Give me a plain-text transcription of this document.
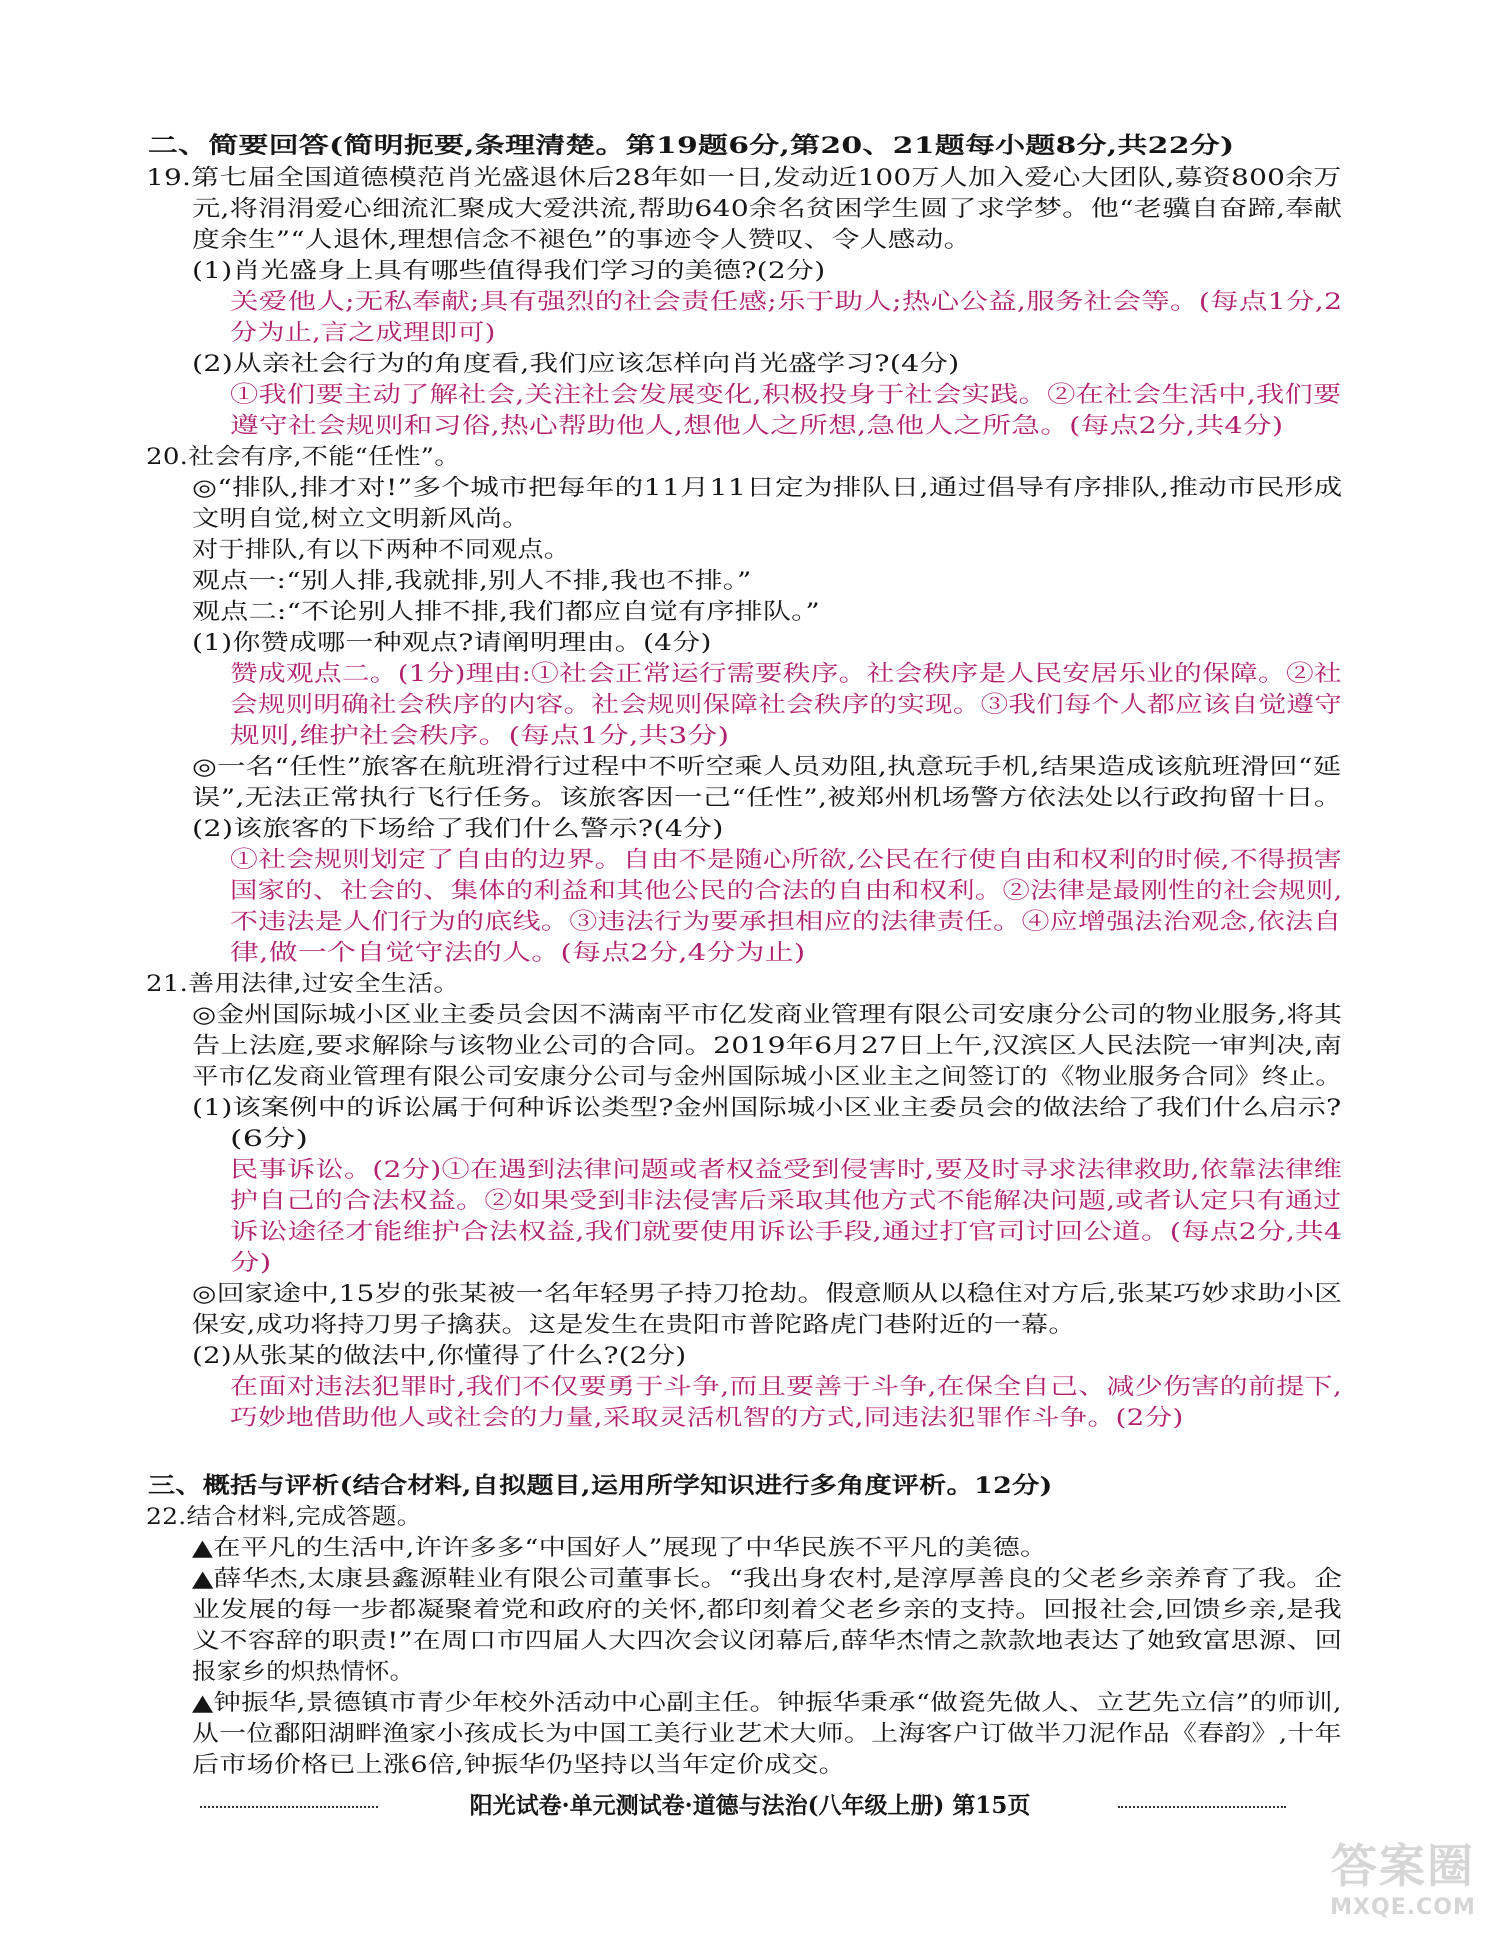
二、简要回答(简明扼要,条理清楚。第19题6分,第20、21题每小题8分,共22分)
19.第七届全国道德模范肖光盛退休后28年如一日,发动近100万人加入爱心大团队,募资800余万
元,将涓涓爱心细流汇聚成大爱洪流,帮助640余名贫困学生圆了求学梦。他“老骥自奋蹄,奉献
度余生”“人退休,理想信念不褪色”的事迹令人赞叹、令人感动。
(1)肖光盛身上具有哪些值得我们学习的美德?(2分)
关爱他人;无私奉献;具有强烈的社会责任感;乐于助人;热心公益,服务社会等。(每点1分,2
分为止,言之成理即可)
(2)从亲社会行为的角度看,我们应该怎样向肖光盛学习?(4分)
①我们要主动了解社会,关注社会发展变化,积极投身于社会实践。②在社会生活中,我们要
遵守社会规则和习俗,热心帮助他人,想他人之所想,急他人之所急。(每点2分,共4分)
20.社会有序,不能“任性”。
◎“排队,排才对!”多个城市把每年的11月11日定为排队日,通过倡导有序排队,推动市民形成
文明自觉,树立文明新风尚。
对于排队,有以下两种不同观点。
观点一:“别人排,我就排,别人不排,我也不排。”
观点二:“不论别人排不排,我们都应自觉有序排队。”
(1)你赞成哪一种观点?请阐明理由。(4分)
赞成观点二。(1分)理由:①社会正常运行需要秩序。社会秩序是人民安居乐业的保障。②社
会规则明确社会秩序的内容。社会规则保障社会秩序的实现。③我们每个人都应该自觉遵守
规则,维护社会秩序。(每点1分,共3分)
◎一名“任性”旅客在航班滑行过程中不听空乘人员劝阻,执意玩手机,结果造成该航班滑回“延
误”,无法正常执行飞行任务。该旅客因一己“任性”,被郑州机场警方依法处以行政拘留十日。
(2)该旅客的下场给了我们什么警示?(4分)
①社会规则划定了自由的边界。自由不是随心所欲,公民在行使自由和权利的时候,不得损害
国家的、社会的、集体的利益和其他公民的合法的自由和权利。②法律是最刚性的社会规则,
不违法是人们行为的底线。③违法行为要承担相应的法律责任。④应增强法治观念,依法自
律,做一个自觉守法的人。(每点2分,4分为止)
21.善用法律,过安全生活。
◎金州国际城小区业主委员会因不满南平市亿发商业管理有限公司安康分公司的物业服务,将其
告上法庭,要求解除与该物业公司的合同。2019年6月27日上午,汉滨区人民法院一审判决,南
平市亿发商业管理有限公司安康分公司与金州国际城小区业主之间签订的《物业服务合同》终止。
(1)该案例中的诉讼属于何种诉讼类型?金州国际城小区业主委员会的做法给了我们什么启示?
(6分)
民事诉讼。(2分)①在遇到法律问题或者权益受到侵害时,要及时寻求法律救助,依靠法律维
护自己的合法权益。②如果受到非法侵害后采取其他方式不能解决问题,或者认定只有通过
诉讼途径才能维护合法权益,我们就要使用诉讼手段,通过打官司讨回公道。(每点2分,共4
分)
◎回家途中,15岁的张某被一名年轻男子持刀抢劫。假意顺从以稳住对方后,张某巧妙求助小区
保安,成功将持刀男子擒获。这是发生在贵阳市普陀路虎门巷附近的一幕。
(2)从张某的做法中,你懂得了什么?(2分)
在面对违法犯罪时,我们不仅要勇于斗争,而且要善于斗争,在保全自己、减少伤害的前提下,
巧妙地借助他人或社会的力量,采取灵活机智的方式,同违法犯罪作斗争。(2分)
三、概括与评析(结合材料,自拟题目,运用所学知识进行多角度评析。12分)
22.结合材料,完成答题。
▲在平凡的生活中,许许多多“中国好人”展现了中华民族不平凡的美德。
▲薛华杰,太康县鑫源鞋业有限公司董事长。“我出身农村,是淳厚善良的父老乡亲养育了我。企
业发展的每一步都凝聚着党和政府的关怀,都印刻着父老乡亲的支持。回报社会,回馈乡亲,是我
义不容辞的职责!”在周口市四届人大四次会议闭幕后,薛华杰情之款款地表达了她致富思源、回
报家乡的炽热情怀。
▲钟振华,景德镇市青少年校外活动中心副主任。钟振华秉承“做瓷先做人、立艺先立信”的师训,
从一位鄱阳湖畔渔家小孩成长为中国工美行业艺术大师。上海客户订做半刀泥作品《春韵》,十年
后市场价格已上涨6倍,钟振华仍坚持以当年定价成交。
阳光试卷·单元测试卷·道德与法治(八年级上册) 第15页
答案圈
MXQE.COM
